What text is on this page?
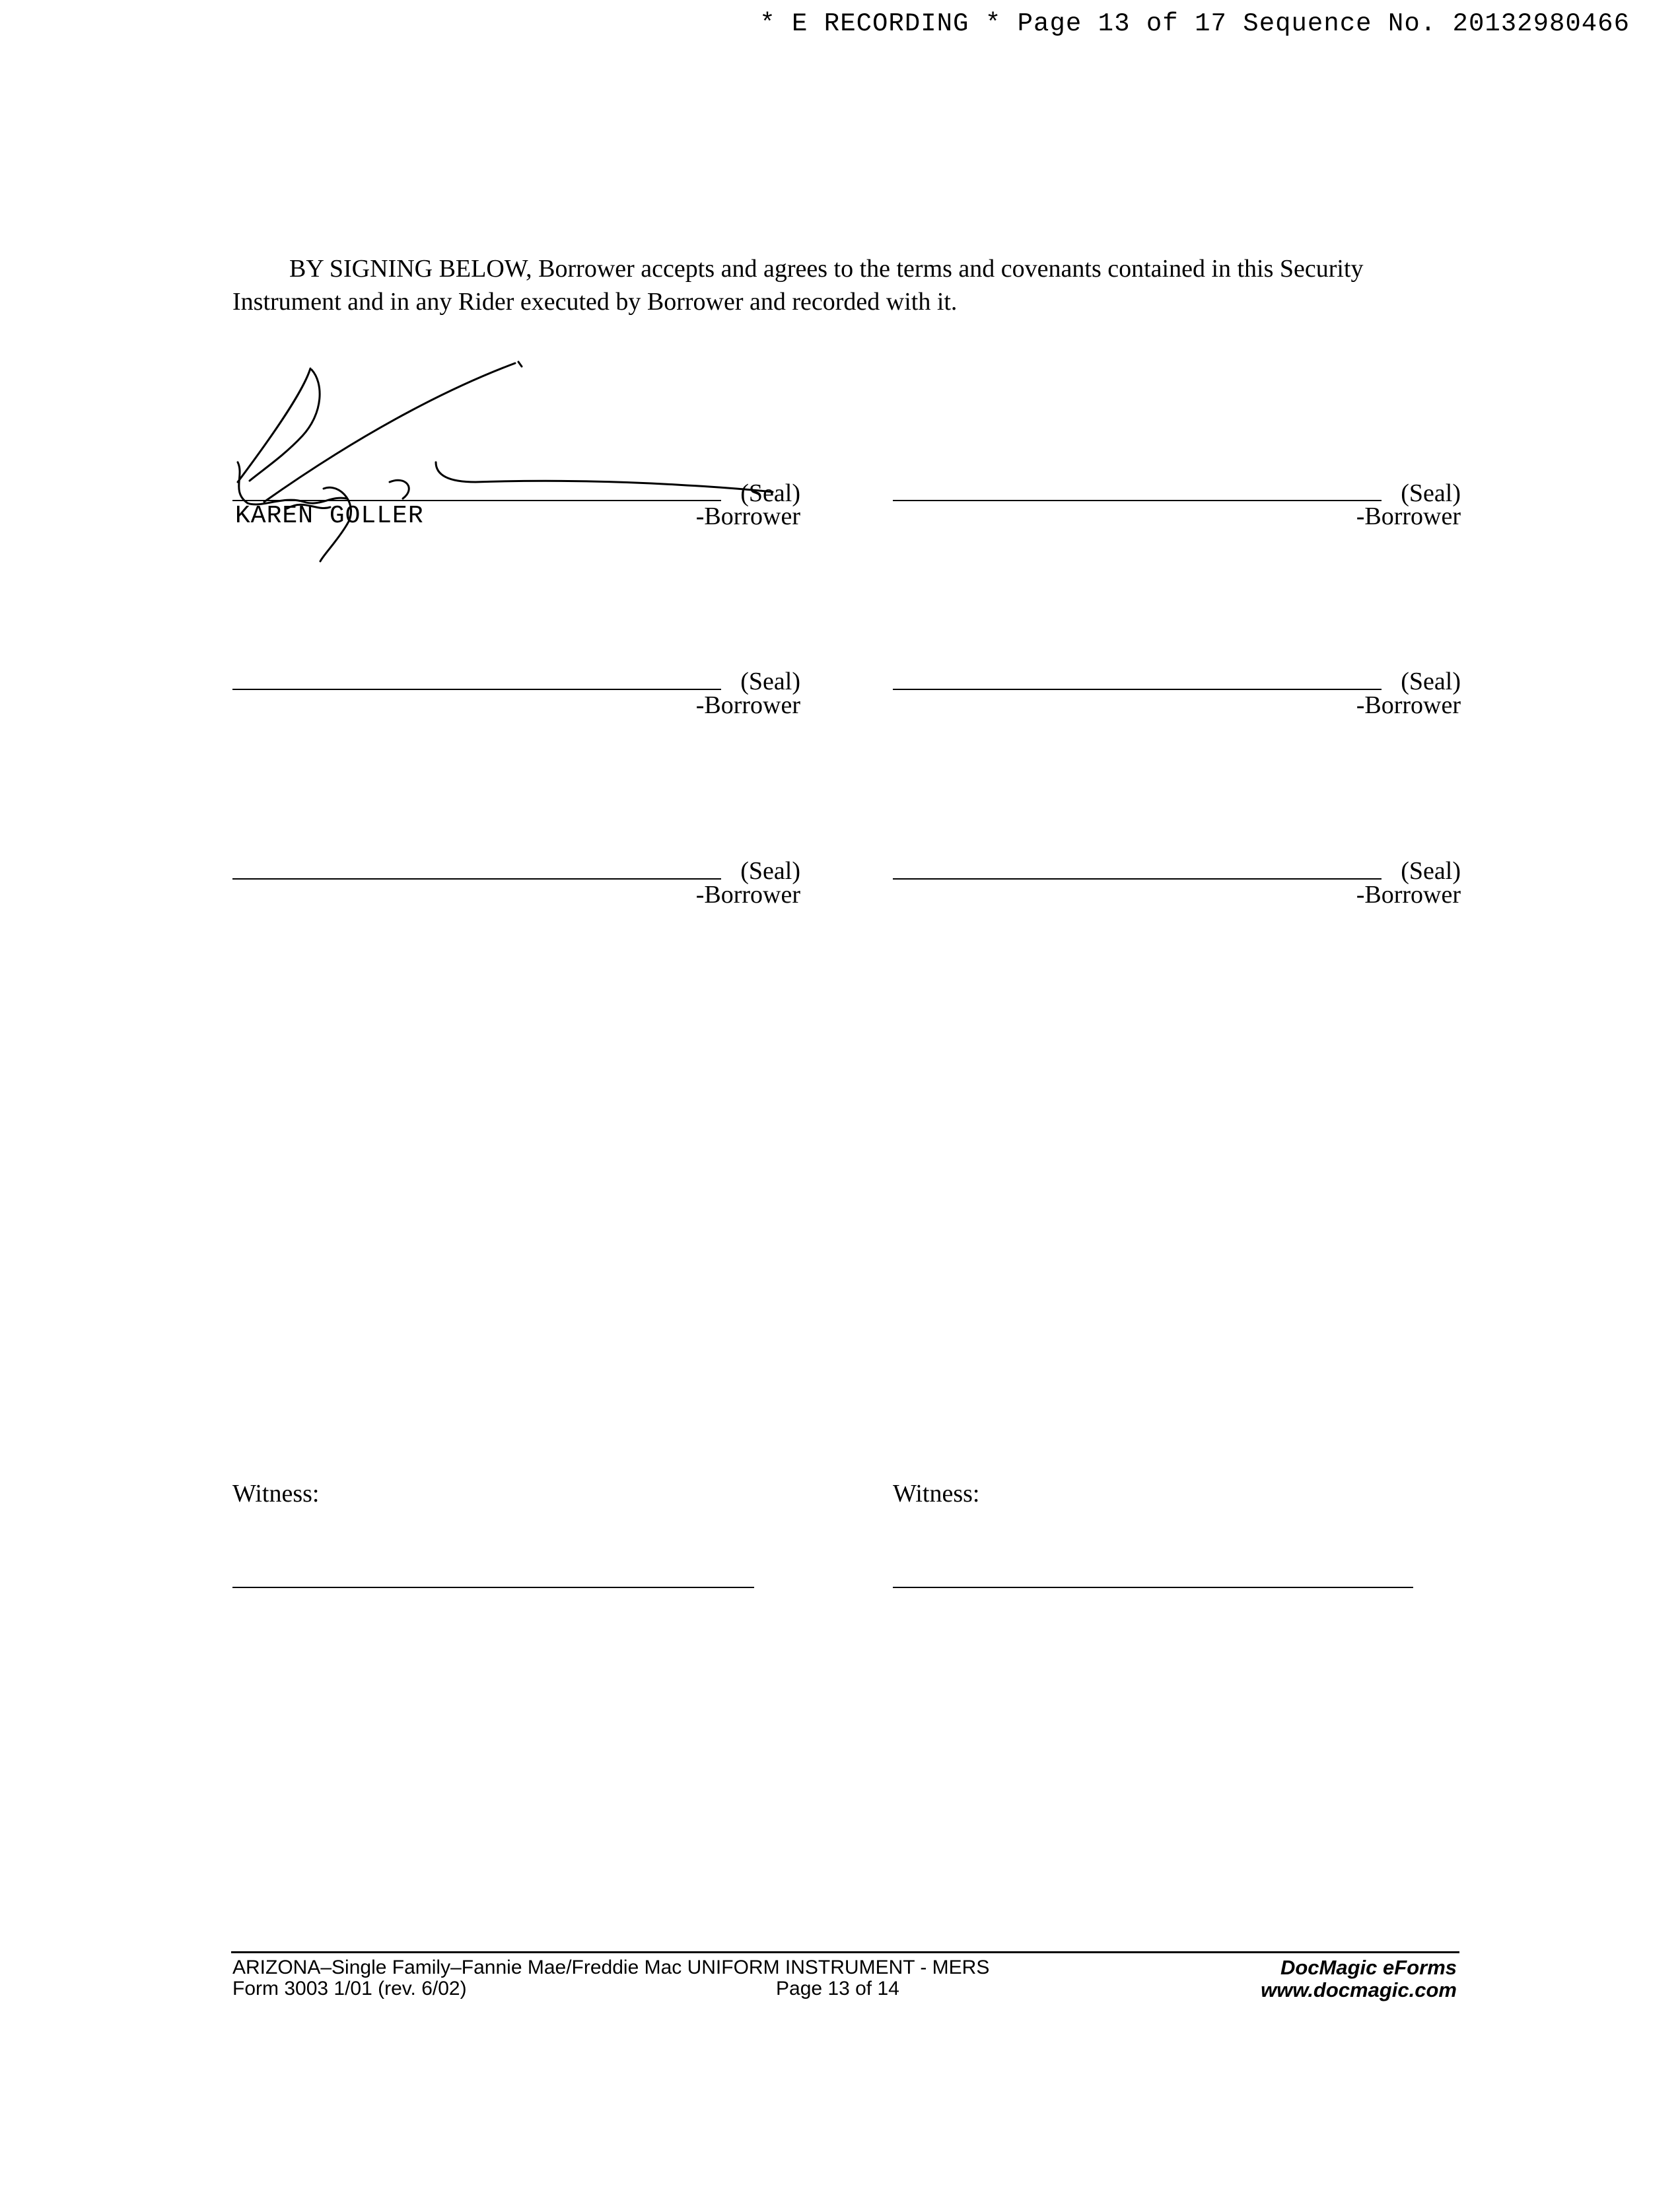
* E RECORDING * Page 13 of 17 Sequence No. 20132980466
BY SIGNING BELOW, Borrower accepts and agrees to the terms and covenants contained in this Security Instrument and in any Rider executed by Borrower and recorded with it.
(Seal)
-Borrower
KAREN GOLLER
(Seal)
-Borrower
(Seal)
-Borrower
(Seal)
-Borrower
(Seal)
-Borrower
(Seal)
-Borrower
Witness:	Witness:
ARIZONA–Single Family–Fannie Mae/Freddie Mac UNIFORM INSTRUMENT - MERS
Form 3003 1/01 (rev. 6/02)	Page 13 of 14
DocMagic eForms
www.docmagic.com
